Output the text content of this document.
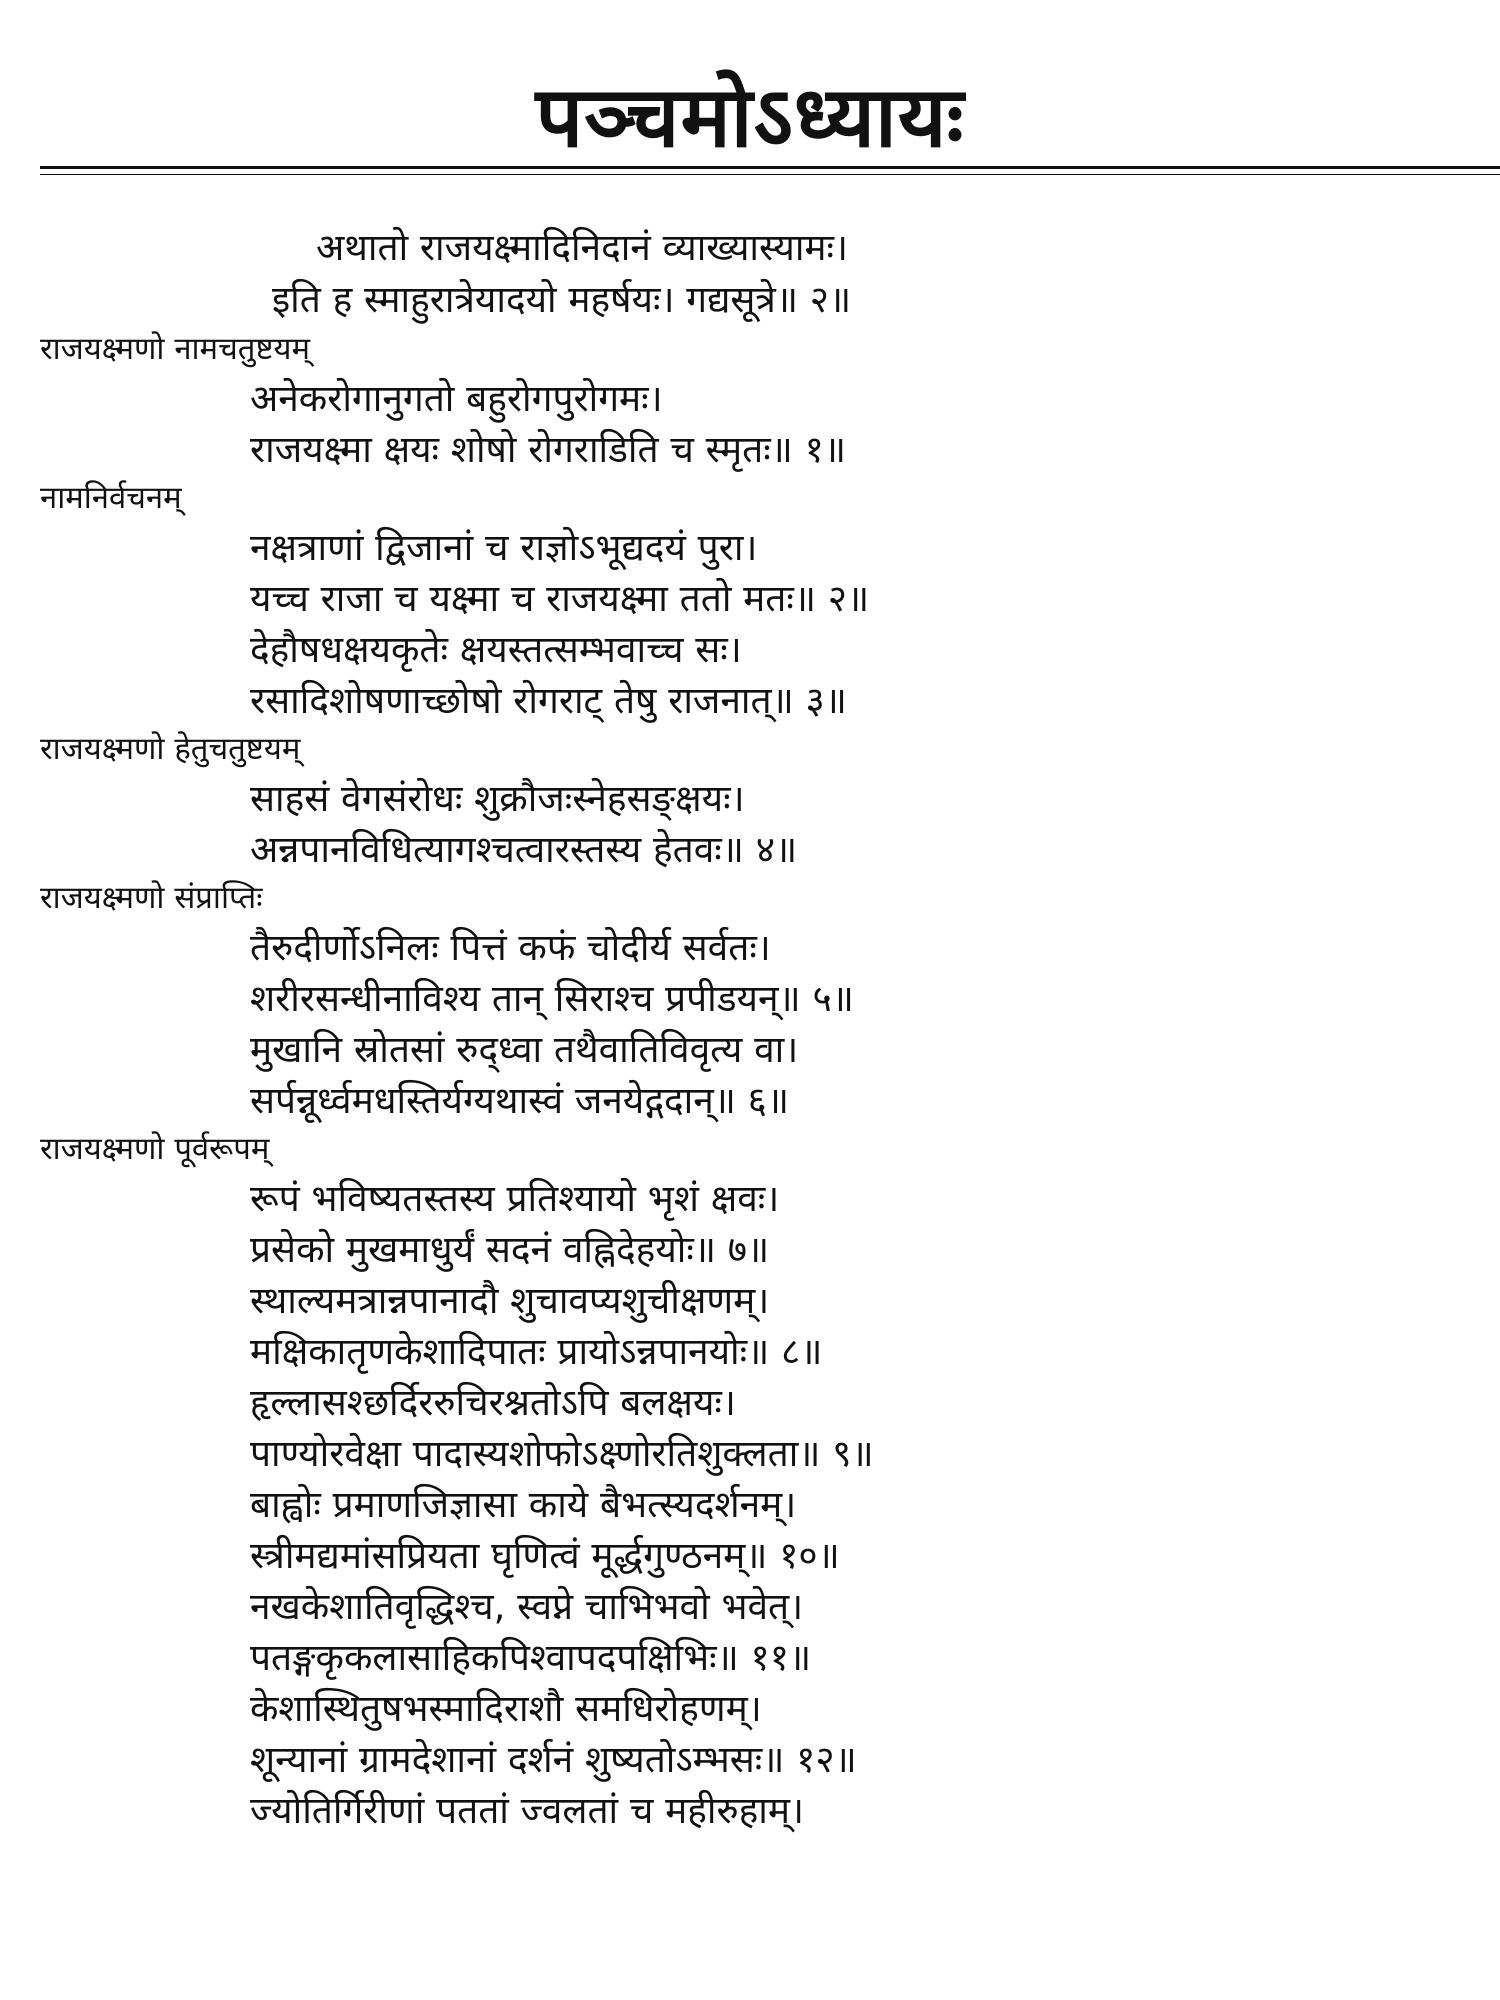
पञ्चमोऽध्यायः
अथातो राजयक्ष्मादिनिदानं व्याख्यास्यामः।
इति ह स्माहुरात्रेयादयो महर्षयः। गद्यसूत्रे॥ २॥
राजयक्ष्मणो नामचतुष्टयम्
अनेकरोगानुगतो बहुरोगपुरोगमः।
राजयक्ष्मा क्षयः शोषो रोगराडिति च स्मृतः॥ १॥
नामनिर्वचनम्
नक्षत्राणां द्विजानां च राज्ञोऽभूद्यदयं पुरा।
यच्च राजा च यक्ष्मा च राजयक्ष्मा ततो मतः॥ २॥
देहौषधक्षयकृतेः क्षयस्तत्सम्भवाच्च सः।
रसादिशोषणाच्छोषो रोगराट् तेषु राजनात्॥ ३॥
राजयक्ष्मणो हेतुचतुष्टयम्
साहसं वेगसंरोधः शुक्रौजःस्नेहसङ्क्षयः।
अन्नपानविधित्यागश्चत्वारस्तस्य हेतवः॥ ४॥
राजयक्ष्मणो संप्राप्तिः
तैरुदीर्णोऽनिलः पित्तं कफं चोदीर्य सर्वतः।
शरीरसन्धीनाविश्य तान् सिराश्च प्रपीडयन्॥ ५॥
मुखानि स्रोतसां रुद्ध्वा तथैवातिविवृत्य वा।
सर्पन्नूर्ध्वमधस्तिर्यग्यथास्वं जनयेद्गदान्॥ ६॥
राजयक्ष्मणो पूर्वरूपम्
रूपं भविष्यतस्तस्य प्रतिश्यायो भृशं क्षवः।
प्रसेको मुखमाधुर्यं सदनं वह्निदेहयोः॥ ७॥
स्थाल्यमत्रान्नपानादौ शुचावप्यशुचीक्षणम्।
मक्षिकातृणकेशादिपातः प्रायोऽन्नपानयोः॥ ८॥
हृल्लासश्छर्दिररुचिरश्नतोऽपि बलक्षयः।
पाण्योरवेक्षा पादास्यशोफोऽक्ष्णोरतिशुक्लता॥ ९॥
बाह्वोः प्रमाणजिज्ञासा काये बैभत्स्यदर्शनम्।
स्त्रीमद्यमांसप्रियता घृणित्वं मूर्द्धगुण्ठनम्॥ १०॥
नखकेशातिवृद्धिश्च, स्वप्ने चाभिभवो भवेत्।
पतङ्गकृकलासाहिकपिश्वापदपक्षिभिः॥ ११॥
केशास्थितुषभस्मादिराशौ समधिरोहणम्।
शून्यानां ग्रामदेशानां दर्शनं शुष्यतोऽम्भसः॥ १२॥
ज्योतिर्गिरीणां पततां ज्वलतां च महीरुहाम्।
